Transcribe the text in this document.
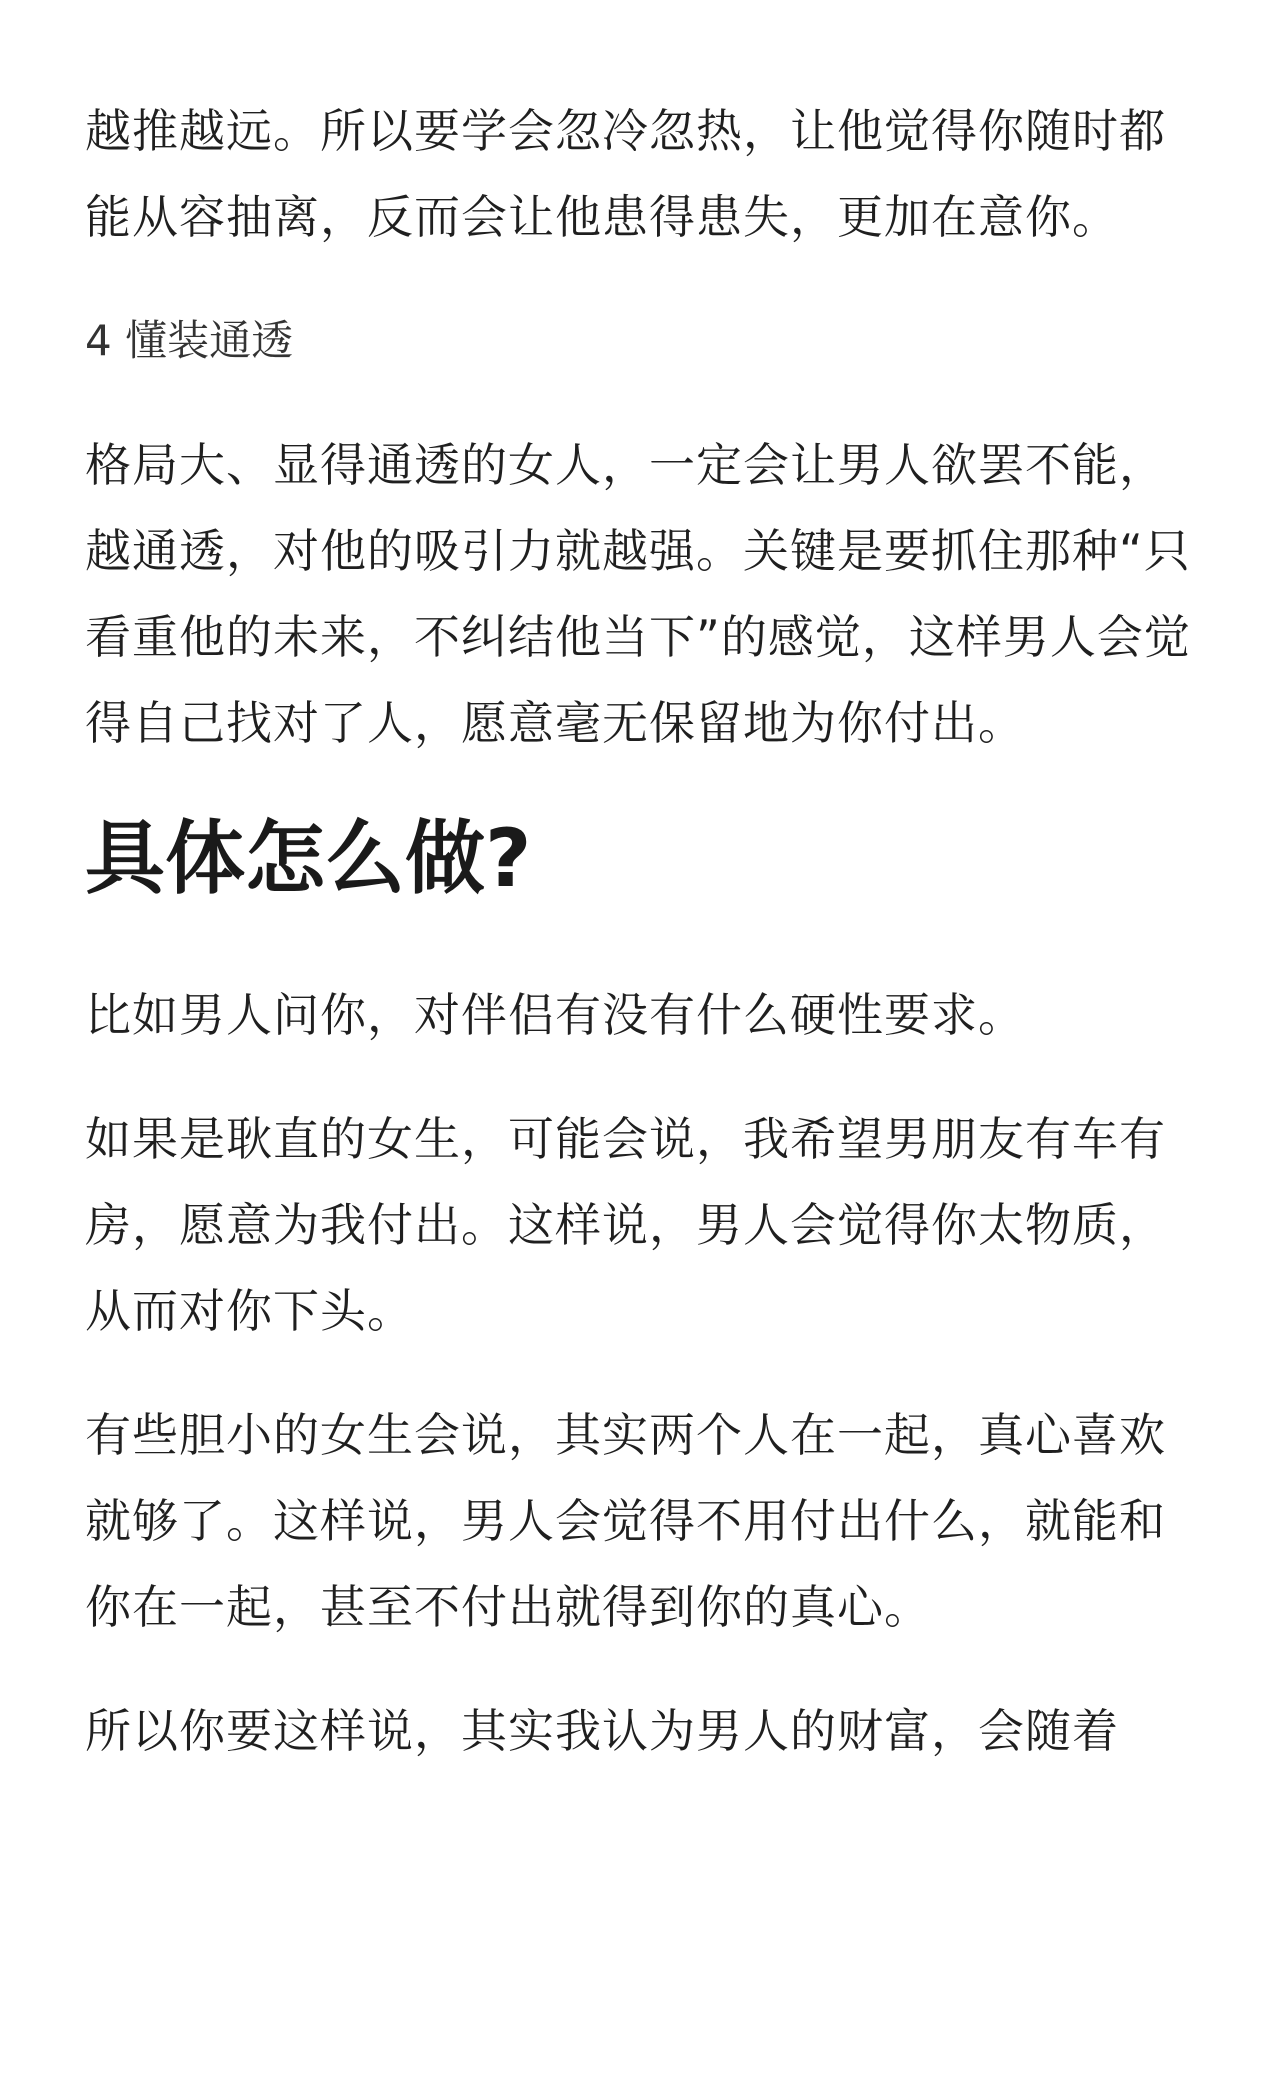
越推越远。所以要学会忽冷忽热，让他觉得你随时都能从容抽离，反而会让他患得患失，更加在意你。

4 懂装通透

格局大、显得通透的女人，一定会让男人欲罢不能，越通透，对他的吸引力就越强。关键是要抓住那种“只看重他的未来，不纠结他当下”的感觉，这样男人会觉得自己找对了人，愿意毫无保留地为你付出。

具体怎么做?

比如男人问你，对伴侣有没有什么硬性要求。

如果是耿直的女生，可能会说，我希望男朋友有车有房，愿意为我付出。这样说，男人会觉得你太物质，从而对你下头。

有些胆小的女生会说，其实两个人在一起，真心喜欢就够了。这样说，男人会觉得不用付出什么，就能和你在一起，甚至不付出就得到你的真心。

所以你要这样说，其实我认为男人的财富，会随着
